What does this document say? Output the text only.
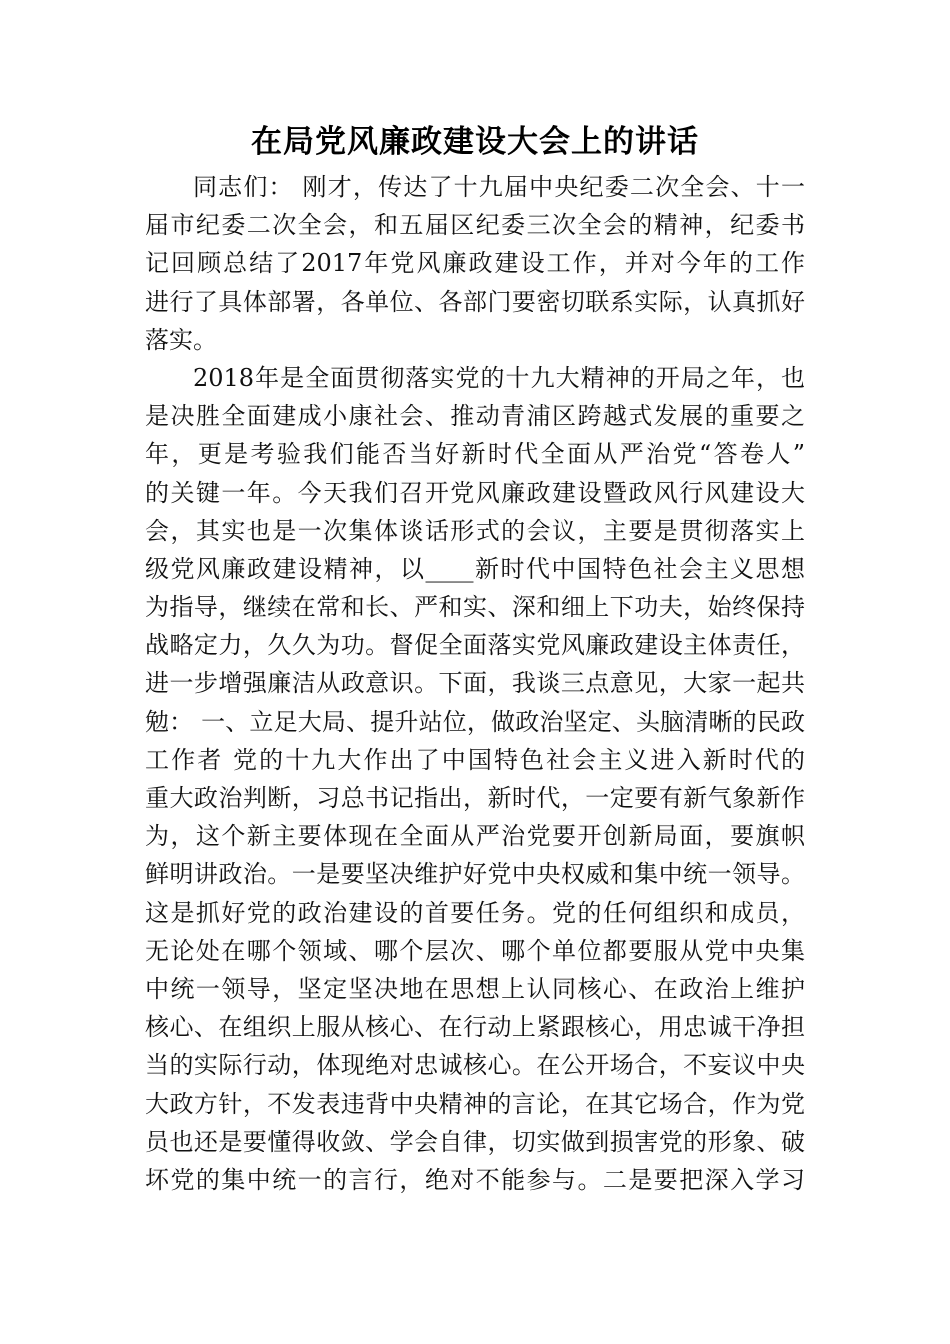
在局党风廉政建设大会上的讲话
同志们： 刚才，传达了十九届中央纪委二次全会、十一
届市纪委二次全会，和五届区纪委三次全会的精神，纪委书
记回顾总结了2017年党风廉政建设工作，并对今年的工作
进行了具体部署，各单位、各部门要密切联系实际，认真抓好
落实。
2018年是全面贯彻落实党的十九大精神的开局之年，也
是决胜全面建成小康社会、推动青浦区跨越式发展的重要之
年，更是考验我们能否当好新时代全面从严治党“答卷人”
的关键一年。今天我们召开党风廉政建设暨政风行风建设大
会，其实也是一次集体谈话形式的会议，主要是贯彻落实上
级党风廉政建设精神，以____新时代中国特色社会主义思想
为指导，继续在常和长、严和实、深和细上下功夫，始终保持
战略定力，久久为功。督促全面落实党风廉政建设主体责任，
进一步增强廉洁从政意识。下面，我谈三点意见，大家一起共
勉： 一、立足大局、提升站位，做政治坚定、头脑清晰的民政
工作者 党的十九大作出了中国特色社会主义进入新时代的
重大政治判断，习总书记指出，新时代，一定要有新气象新作
为，这个新主要体现在全面从严治党要开创新局面，要旗帜
鲜明讲政治。一是要坚决维护好党中央权威和集中统一领导。
这是抓好党的政治建设的首要任务。党的任何组织和成员，
无论处在哪个领域、哪个层次、哪个单位都要服从党中央集
中统一领导，坚定坚决地在思想上认同核心、在政治上维护
核心、在组织上服从核心、在行动上紧跟核心，用忠诚干净担
当的实际行动，体现绝对忠诚核心。在公开场合，不妄议中央
大政方针，不发表违背中央精神的言论，在其它场合，作为党
员也还是要懂得收敛、学会自律，切实做到损害党的形象、破
坏党的集中统一的言行，绝对不能参与。二是要把深入学习
